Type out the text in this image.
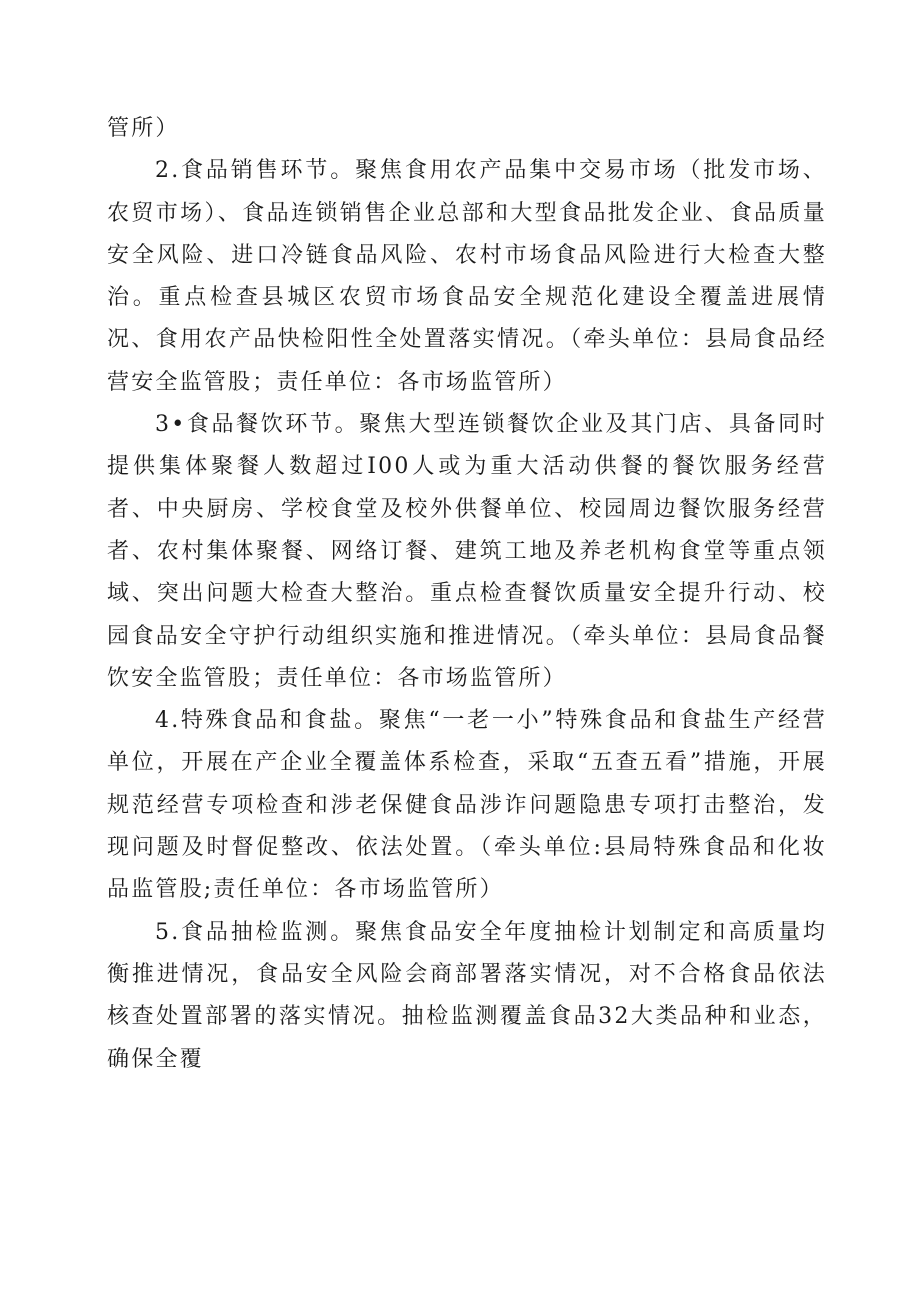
管所）

2.食品销售环节。聚焦食用农产品集中交易市场（批发市场、农贸市场）、食品连锁销售企业总部和大型食品批发企业、食品质量安全风险、进口冷链食品风险、农村市场食品风险进行大检查大整治。重点检查县城区农贸市场食品安全规范化建设全覆盖进展情况、食用农产品快检阳性全处置落实情况。（牵头单位：县局食品经营安全监管股；责任单位：各市场监管所）

3•食品餐饮环节。聚焦大型连锁餐饮企业及其门店、具备同时提供集体聚餐人数超过I00人或为重大活动供餐的餐饮服务经营者、中央厨房、学校食堂及校外供餐单位、校园周边餐饮服务经营者、农村集体聚餐、网络订餐、建筑工地及养老机构食堂等重点领域、突出问题大检查大整治。重点检查餐饮质量安全提升行动、校园食品安全守护行动组织实施和推进情况。（牵头单位：县局食品餐饮安全监管股；责任单位：各市场监管所）

4.特殊食品和食盐。聚焦“一老一小”特殊食品和食盐生产经营单位，开展在产企业全覆盖体系检查，采取“五查五看”措施，开展规范经营专项检查和涉老保健食品涉诈问题隐患专项打击整治，发现问题及时督促整改、依法处置。（牵头单位:县局特殊食品和化妆品监管股;责任单位：各市场监管所）

5.食品抽检监测。聚焦食品安全年度抽检计划制定和高质量均衡推进情况，食品安全风险会商部署落实情况，对不合格食品依法核查处置部署的落实情况。抽检监测覆盖食品32大类品种和业态，确保全覆
